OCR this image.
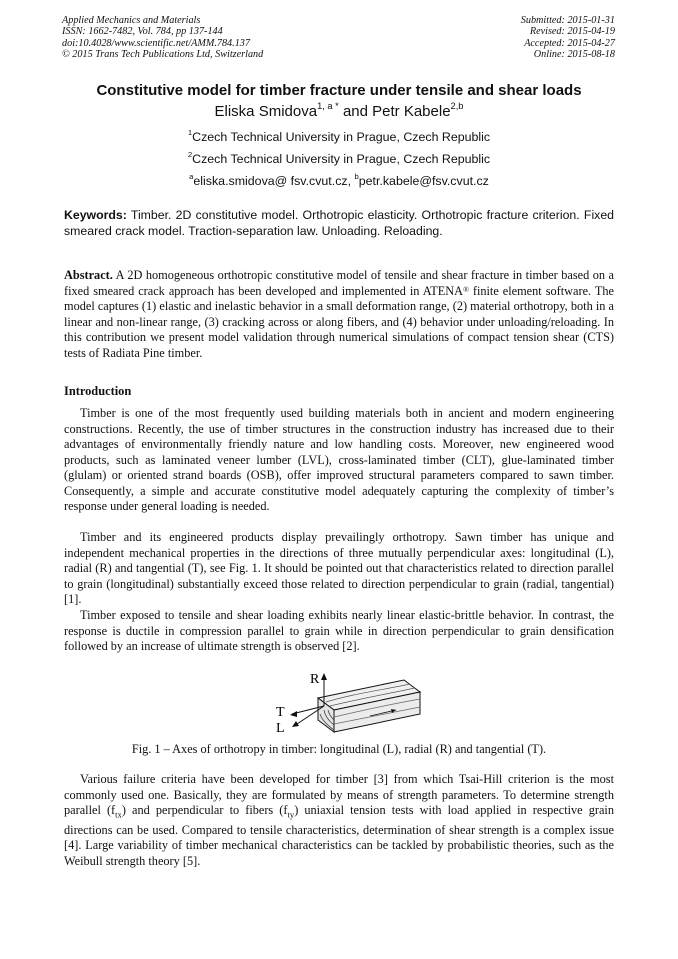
Applied Mechanics and Materials
ISSN: 1662-7482, Vol. 784, pp 137-144
doi:10.4028/www.scientific.net/AMM.784.137
© 2015 Trans Tech Publications Ltd, Switzerland
Submitted: 2015-01-31
Revised: 2015-04-19
Accepted: 2015-04-27
Online: 2015-08-18
Constitutive model for timber fracture under tensile and shear loads
Eliska Smidova$^{1, a *}$ and Petr Kabele$^{2,b}$
$^1$Czech Technical University in Prague, Czech Republic
$^2$Czech Technical University in Prague, Czech Republic
$^a$eliska.smidova@ fsv.cvut.cz, $^b$petr.kabele@fsv.cvut.cz
Keywords: Timber. 2D constitutive model. Orthotropic elasticity. Orthotropic fracture criterion. Fixed smeared crack model. Traction-separation law. Unloading. Reloading.

Abstract. A 2D homogeneous orthotropic constitutive model of tensile and shear fracture in timber based on a fixed smeared crack approach has been developed and implemented in ATENA® finite element software. The model captures (1) elastic and inelastic behavior in a small deformation range, (2) material orthotropy, both in a linear and non-linear range, (3) cracking across or along fibers, and (4) behavior under unloading/reloading. In this contribution we present model validation through numerical simulations of compact tension shear (CTS) tests of Radiata Pine timber.

Introduction

Timber is one of the most frequently used building materials both in ancient and modern engineering constructions. Recently, the use of timber structures in the construction industry has increased due to their advantages of environmentally friendly nature and low handling costs. Moreover, new engineered wood products, such as laminated veneer lumber (LVL), cross-laminated timber (CLT), glue-laminated timber (glulam) or oriented strand boards (OSB), offer improved structural parameters compared to sawn timber. Consequently, a simple and accurate constitutive model adequately capturing the complexity of timber’s response under general loading is needed.

Timber and its engineered products display prevailingly orthotropy. Sawn timber has unique and independent mechanical properties in the directions of three mutually perpendicular axes: longitudinal (L), radial (R) and tangential (T), see Fig. 1. It should be pointed out that characteristics related to direction parallel to grain (longitudinal) substantially exceed those related to direction perpendicular to grain (radial, tangential) [1].

Timber exposed to tensile and shear loading exhibits nearly linear elastic-brittle behavior. In contrast, the response is ductile in compression parallel to grain while in direction perpendicular to grain densification followed by an increase of ultimate strength is observed [2].

R
T
L
Fig. 1 – Axes of orthotropy in timber: longitudinal (L), radial (R) and tangential (T).

Various failure criteria have been developed for timber [3] from which Tsai-Hill criterion is the most commonly used one. Basically, they are formulated by means of strength parameters. To determine strength parallel $(f_{tx})$ and perpendicular to fibers $(f_{ty})$ uniaxial tension tests with load applied in respective grain directions can be used. Compared to tensile characteristics, determination of shear strength is a complex issue [4]. Large variability of timber mechanical characteristics can be tackled by probabilistic theories, such as the Weibull strength theory [5].
